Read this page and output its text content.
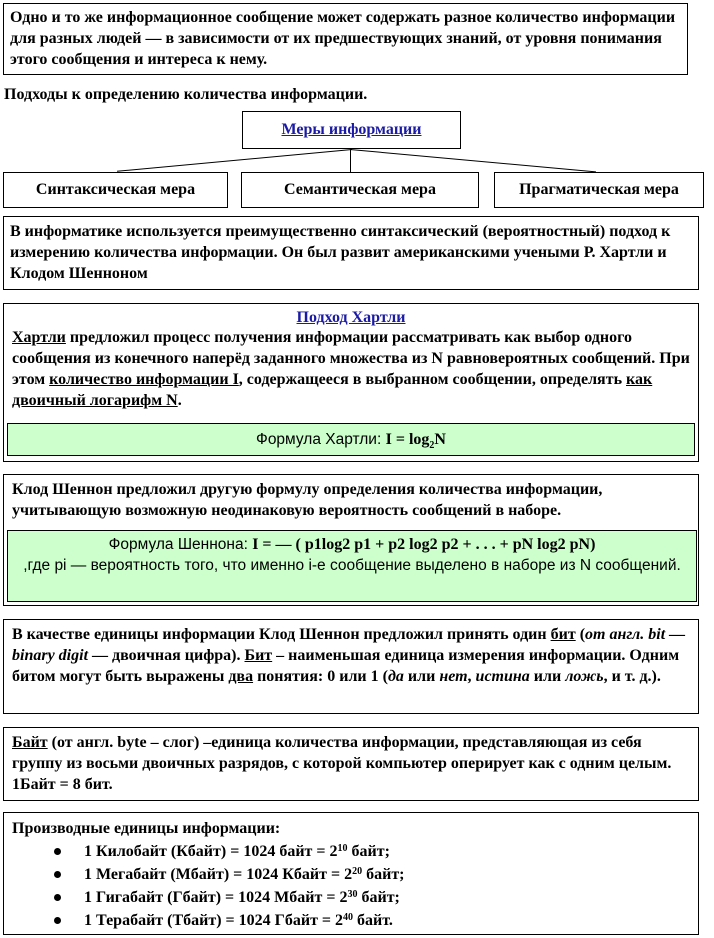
Одно и то же информационное сообщение может содержать разное количество информации для разных людей — в зависимости от их предшествующих знаний, от уровня понимания этого сообщения и интереса к нему.
Подходы к определению количества информации.
Меры информации
Синтаксическая мера	Семантическая мера	Прагматическая мера
В информатике используется преимущественно синтаксический (вероятностный) подход к измерению количества информации. Он был развит американскими учеными Р. Хартли и Клодом Шенноном
Подход Хартли
Хартли предложил процесс получения информации рассматривать как выбор одного сообщения из конечного наперёд заданного множества из N равновероятных сообщений. При этом количество информации I, содержащееся в выбранном сообщении, определять как двоичный логарифм N.
Формула Хартли: $I = \log_2N$
Клод Шеннон предложил другую формулу определения количества информации, учитывающую возможную неодинаковую вероятность сообщений в наборе.
Формула Шеннона: I = — ( p1log2 p1 + p2 log2 p2 + . . . + pN log2 pN)
,где pi — вероятность того, что именно i-е сообщение выделено в наборе из N сообщений.
В качестве единицы информации Клод Шеннон предложил принять один бит (от англ. bit — binary digit — двоичная цифра). Бит – наименьшая единица измерения информации. Одним битом могут быть выражены два понятия: 0 или 1 (да или нет, истина или ложь, и т. д.).
Байт (от англ. byte – слог) –единица количества информации, представляющая из себя группу из восьми двоичных разрядов, с которой компьютер оперирует как с одним целым. 1Байт = 8 бит.
Производные единицы информации:
1 Килобайт (Кбайт) = 1024 байт = $2^{10}$ байт;
1 Мегабайт (Мбайт) = 1024 Кбайт = $2^{20}$ байт;
1 Гигабайт (Гбайт) = 1024 Мбайт = $2^{30}$ байт;
1 Терабайт (Тбайт) = 1024 Гбайт = $2^{40}$ байт.
